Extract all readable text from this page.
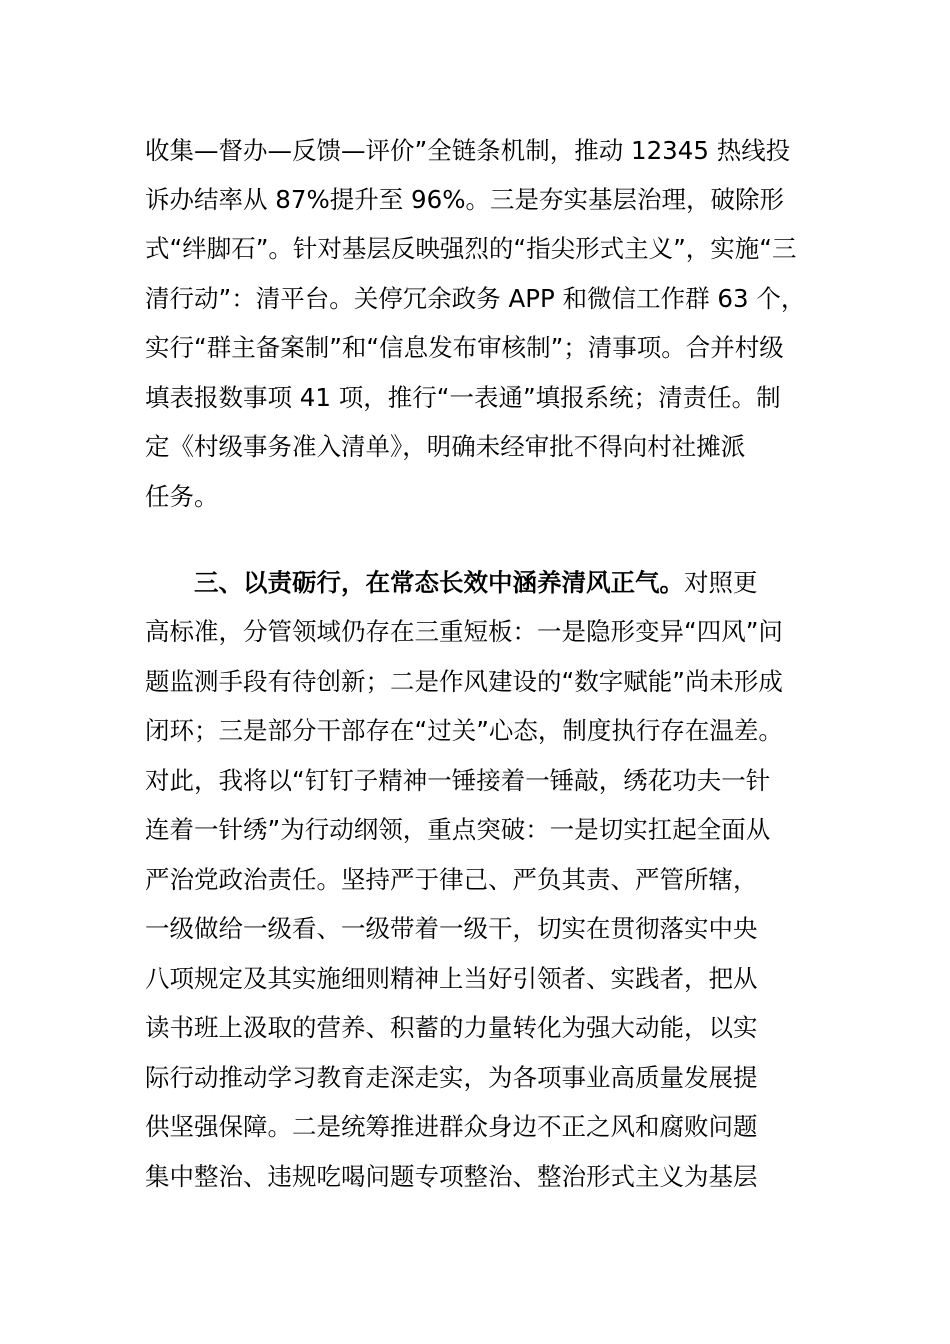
收集—督办—反馈—评价”全链条机制，推动 12345 热线投
诉办结率从 87%提升至 96%。三是夯实基层治理，破除形
式“绊脚石”。针对基层反映强烈的“指尖形式主义”，实施“三
清行动”：清平台。关停冗余政务 APP 和微信工作群 63 个，
实行“群主备案制”和“信息发布审核制”；清事项。合并村级
填表报数事项 41 项，推行“一表通”填报系统；清责任。制
定《村级事务准入清单》，明确未经审批不得向村社摊派
任务。
三、以责砺行，在常态长效中涵养清风正气。对照更
高标准，分管领域仍存在三重短板：一是隐形变异“四风”问
题监测手段有待创新；二是作风建设的“数字赋能”尚未形成
闭环；三是部分干部存在“过关”心态，制度执行存在温差。
对此，我将以“钉钉子精神一锤接着一锤敲，绣花功夫一针
连着一针绣”为行动纲领，重点突破：一是切实扛起全面从
严治党政治责任。坚持严于律己、严负其责、严管所辖，
一级做给一级看、一级带着一级干，切实在贯彻落实中央
八项规定及其实施细则精神上当好引领者、实践者，把从
读书班上汲取的营养、积蓄的力量转化为强大动能，以实
际行动推动学习教育走深走实，为各项事业高质量发展提
供坚强保障。二是统筹推进群众身边不正之风和腐败问题
集中整治、违规吃喝问题专项整治、整治形式主义为基层
